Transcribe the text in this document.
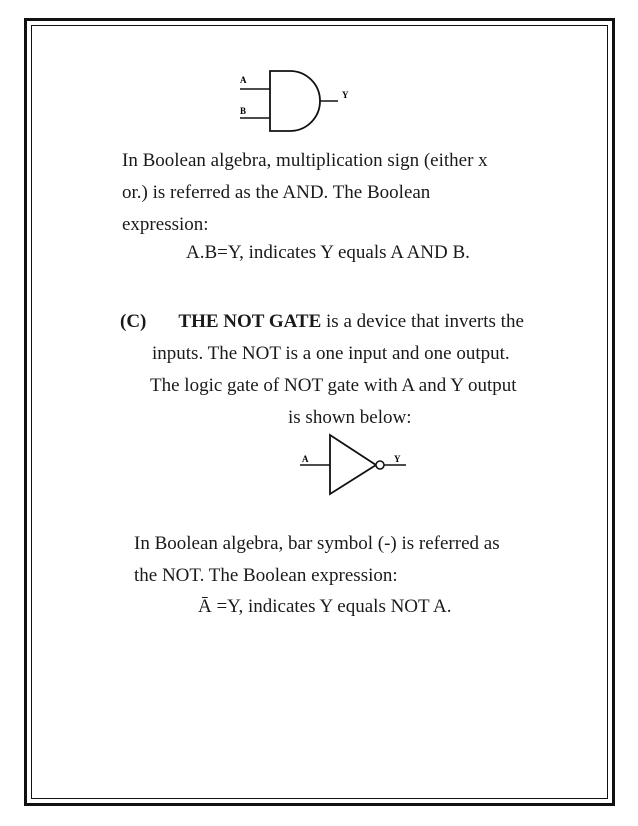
A
B
Y
In Boolean algebra, multiplication sign (either x
or.) is referred as the AND. The Boolean
expression:
A.B=Y, indicates Y equals A AND B.
(C) THE NOT GATE is a device that inverts the
inputs. The NOT is a one input and one output.
The logic gate of NOT gate with A and Y output
is shown below:
A	Y
In Boolean algebra, bar symbol (-) is referred as
the NOT. The Boolean expression:
Ā =Y, indicates Y equals NOT A.
